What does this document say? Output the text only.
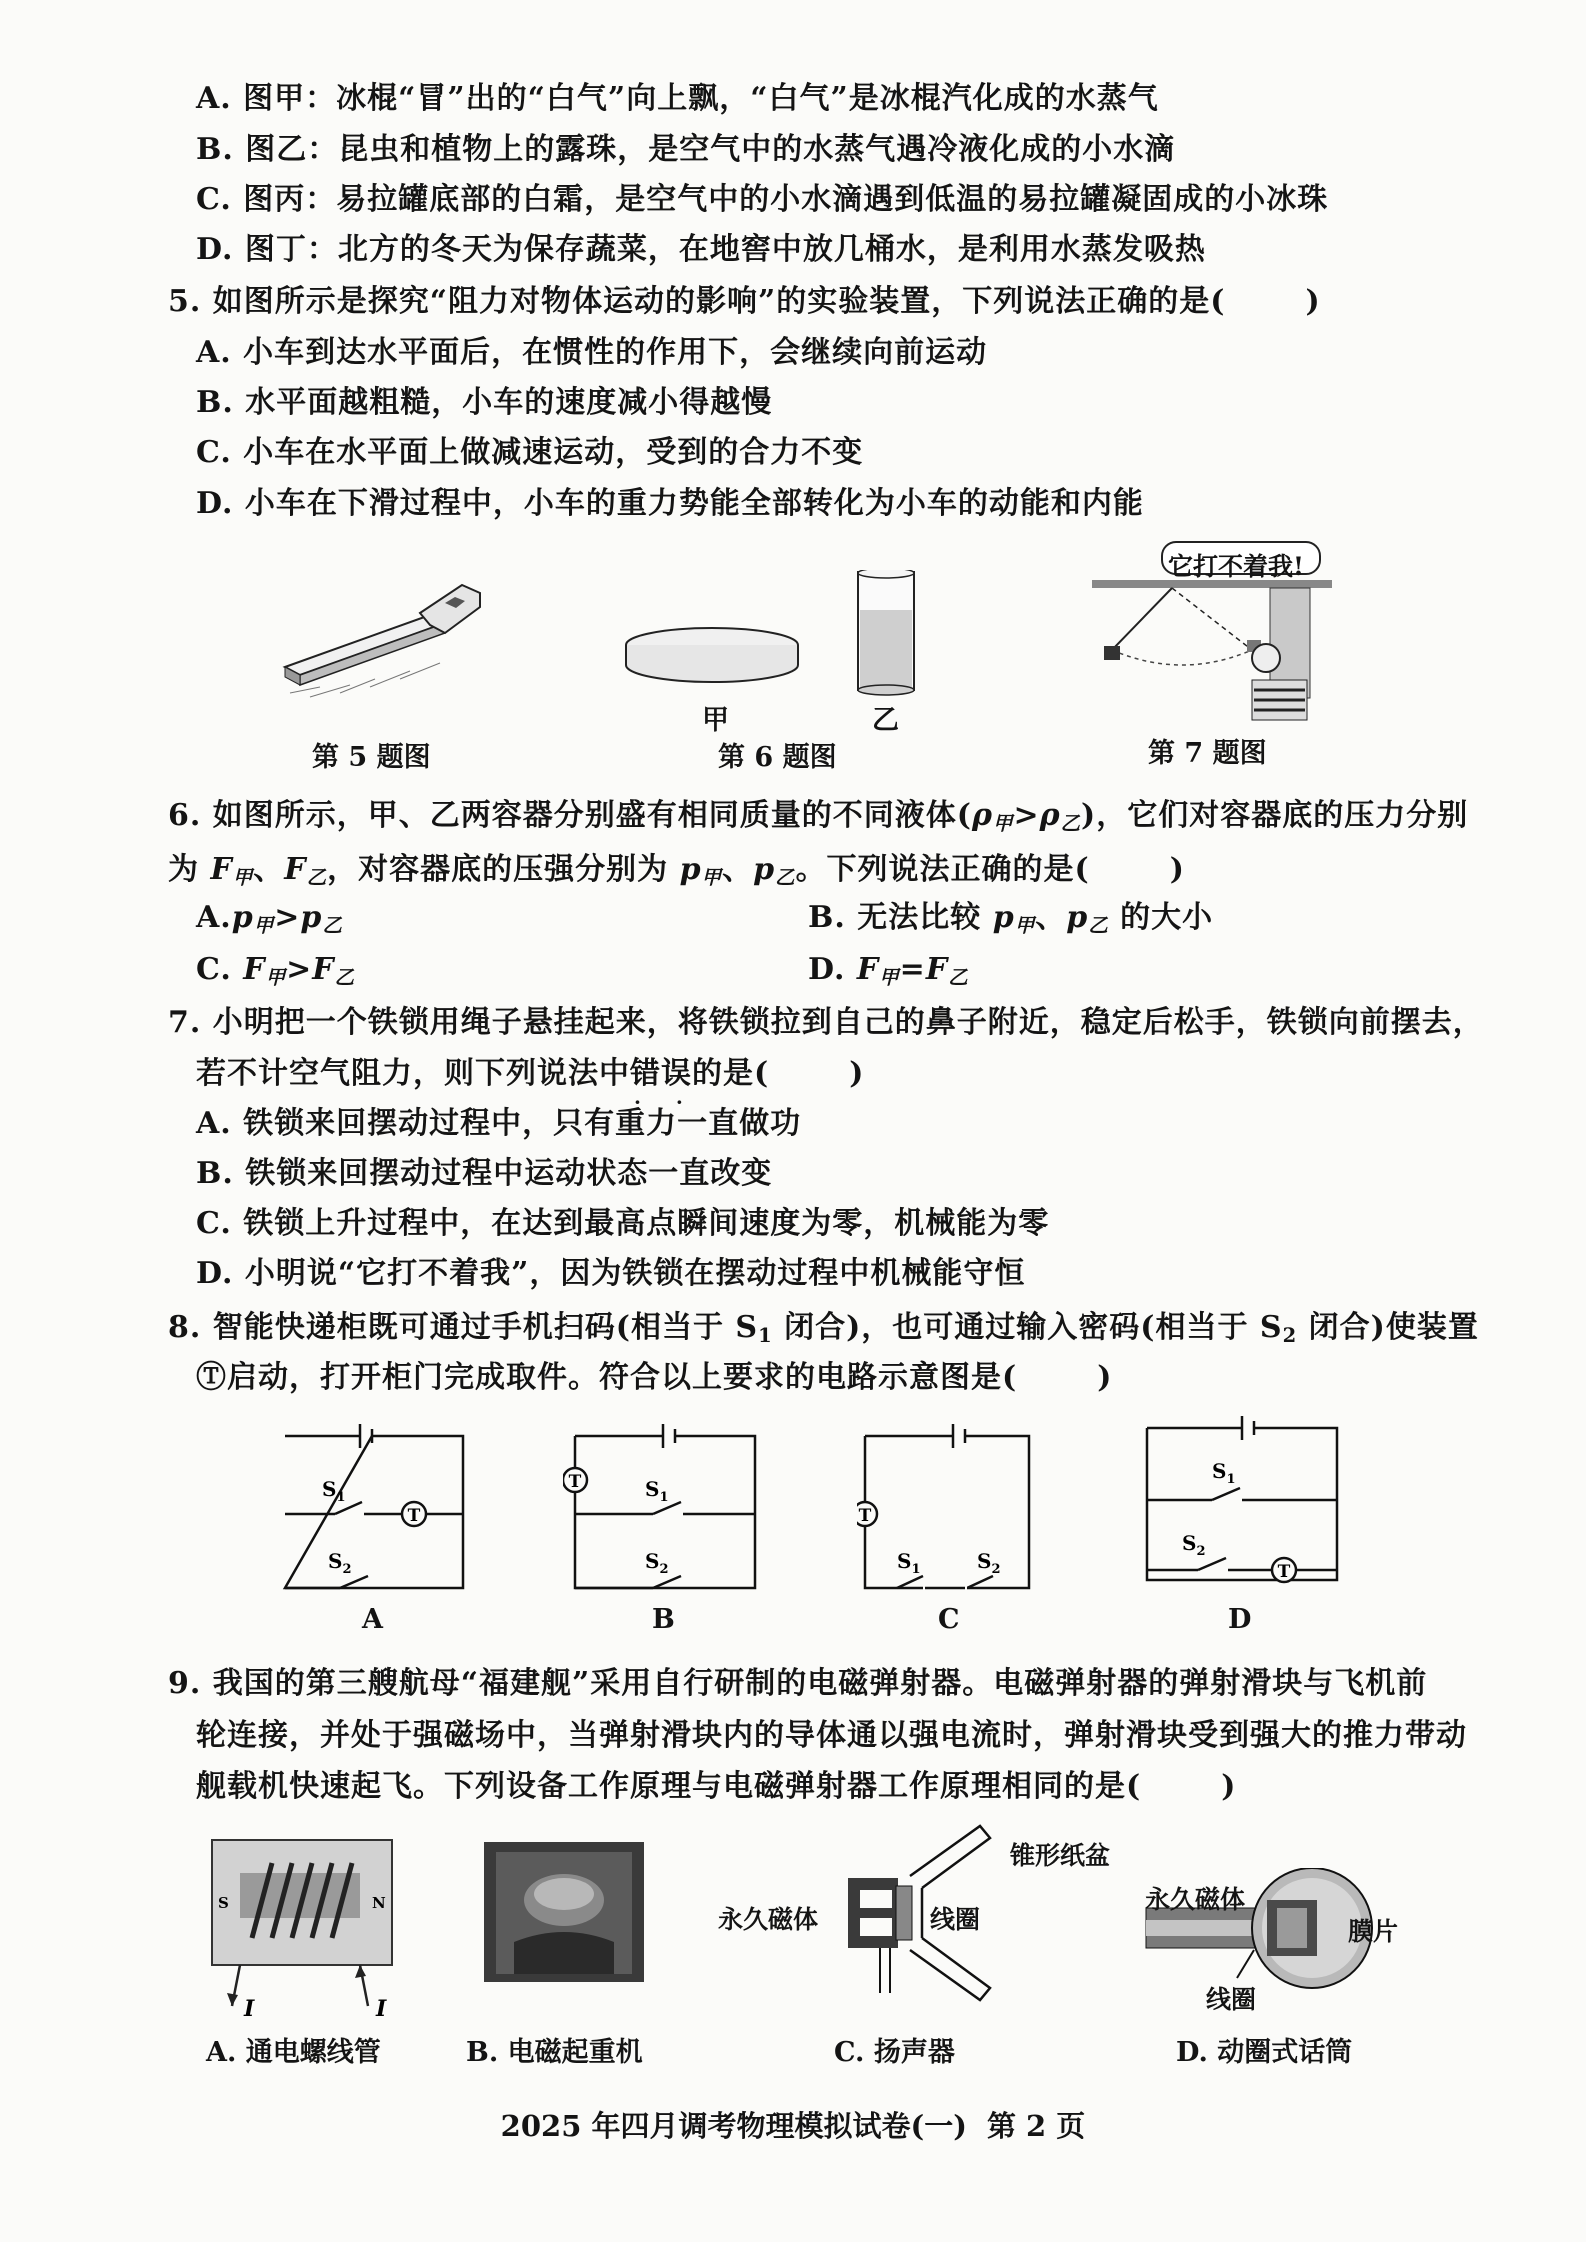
A. 图甲：冰棍“冒”出的“白气”向上飘，“白气”是冰棍汽化成的水蒸气
B. 图乙：昆虫和植物上的露珠，是空气中的水蒸气遇冷液化成的小水滴
C. 图丙：易拉罐底部的白霜，是空气中的小水滴遇到低温的易拉罐凝固成的小冰珠
D. 图丁：北方的冬天为保存蔬菜，在地窖中放几桶水，是利用水蒸发吸热
5. 如图所示是探究“阻力对物体运动的影响”的实验装置，下列说法正确的是(	)
A. 小车到达水平面后，在惯性的作用下，会继续向前运动
B. 水平面越粗糙，小车的速度减小得越慢
C. 小车在水平面上做减速运动，受到的合力不变
D. 小车在下滑过程中，小车的重力势能全部转化为小车的动能和内能
第 5 题图
甲	乙
第 6 题图
它打不着我!
第 7 题图
6. 如图所示，甲、乙两容器分别盛有相同质量的不同液体$(\rho_甲>\rho_乙)$，它们对容器底的压力分别
为 $F_甲$、$F_乙$，对容器底的压强分别为 $p_甲$、$p_乙$。下列说法正确的是(	)
$A.p_甲>p_乙$	B. 无法比较 $p_甲$、$p_乙$ 的大小
C. $F_甲>F_乙$	D. $F_甲=F_乙$
7. 小明把一个铁锁用绳子悬挂起来，将铁锁拉到自己的鼻子附近，稳定后松手，铁锁向前摆去，
若不计空气阻力，则下列说法中错误 · ·的是(	)
A. 铁锁来回摆动过程中，只有重力一直做功
B. 铁锁来回摆动过程中运动状态一直改变
C. 铁锁上升过程中，在达到最高点瞬间速度为零，机械能为零
D. 小明说“它打不着我”，因为铁锁在摆动过程中机械能守恒
8. 智能快递柜既可通过手机扫码(相当于 $S_1$ 闭合)，也可通过输入密码(相当于 $S_2$ 闭合)使装置
Ⓣ启动，打开柜门完成取件。符合以上要求的电路示意图是(	)
T
$S_1$
$S_2$
A
T	$S_1$
$S_2$
B
T
$S_1$	$S_2$
C
T
$S_1$
$S_2$
D
9. 我国的第三艘航母“福建舰”采用自行研制的电磁弹射器。电磁弹射器的弹射滑块与飞机前
轮连接，并处于强磁场中，当弹射滑块内的导体通以强电流时，弹射滑块受到强大的推力带动
舰载机快速起飞。下列设备工作原理与电磁弹射器工作原理相同的是(	)
S	N
I	I
A. 通电螺线管	B. 电磁起重机
锥形纸盆
永久磁体	线圈
C. 扬声器
永久磁体
膜片
线圈
D. 动圈式话筒
2025 年四月调考物理模拟试卷(一) 第 2 页
